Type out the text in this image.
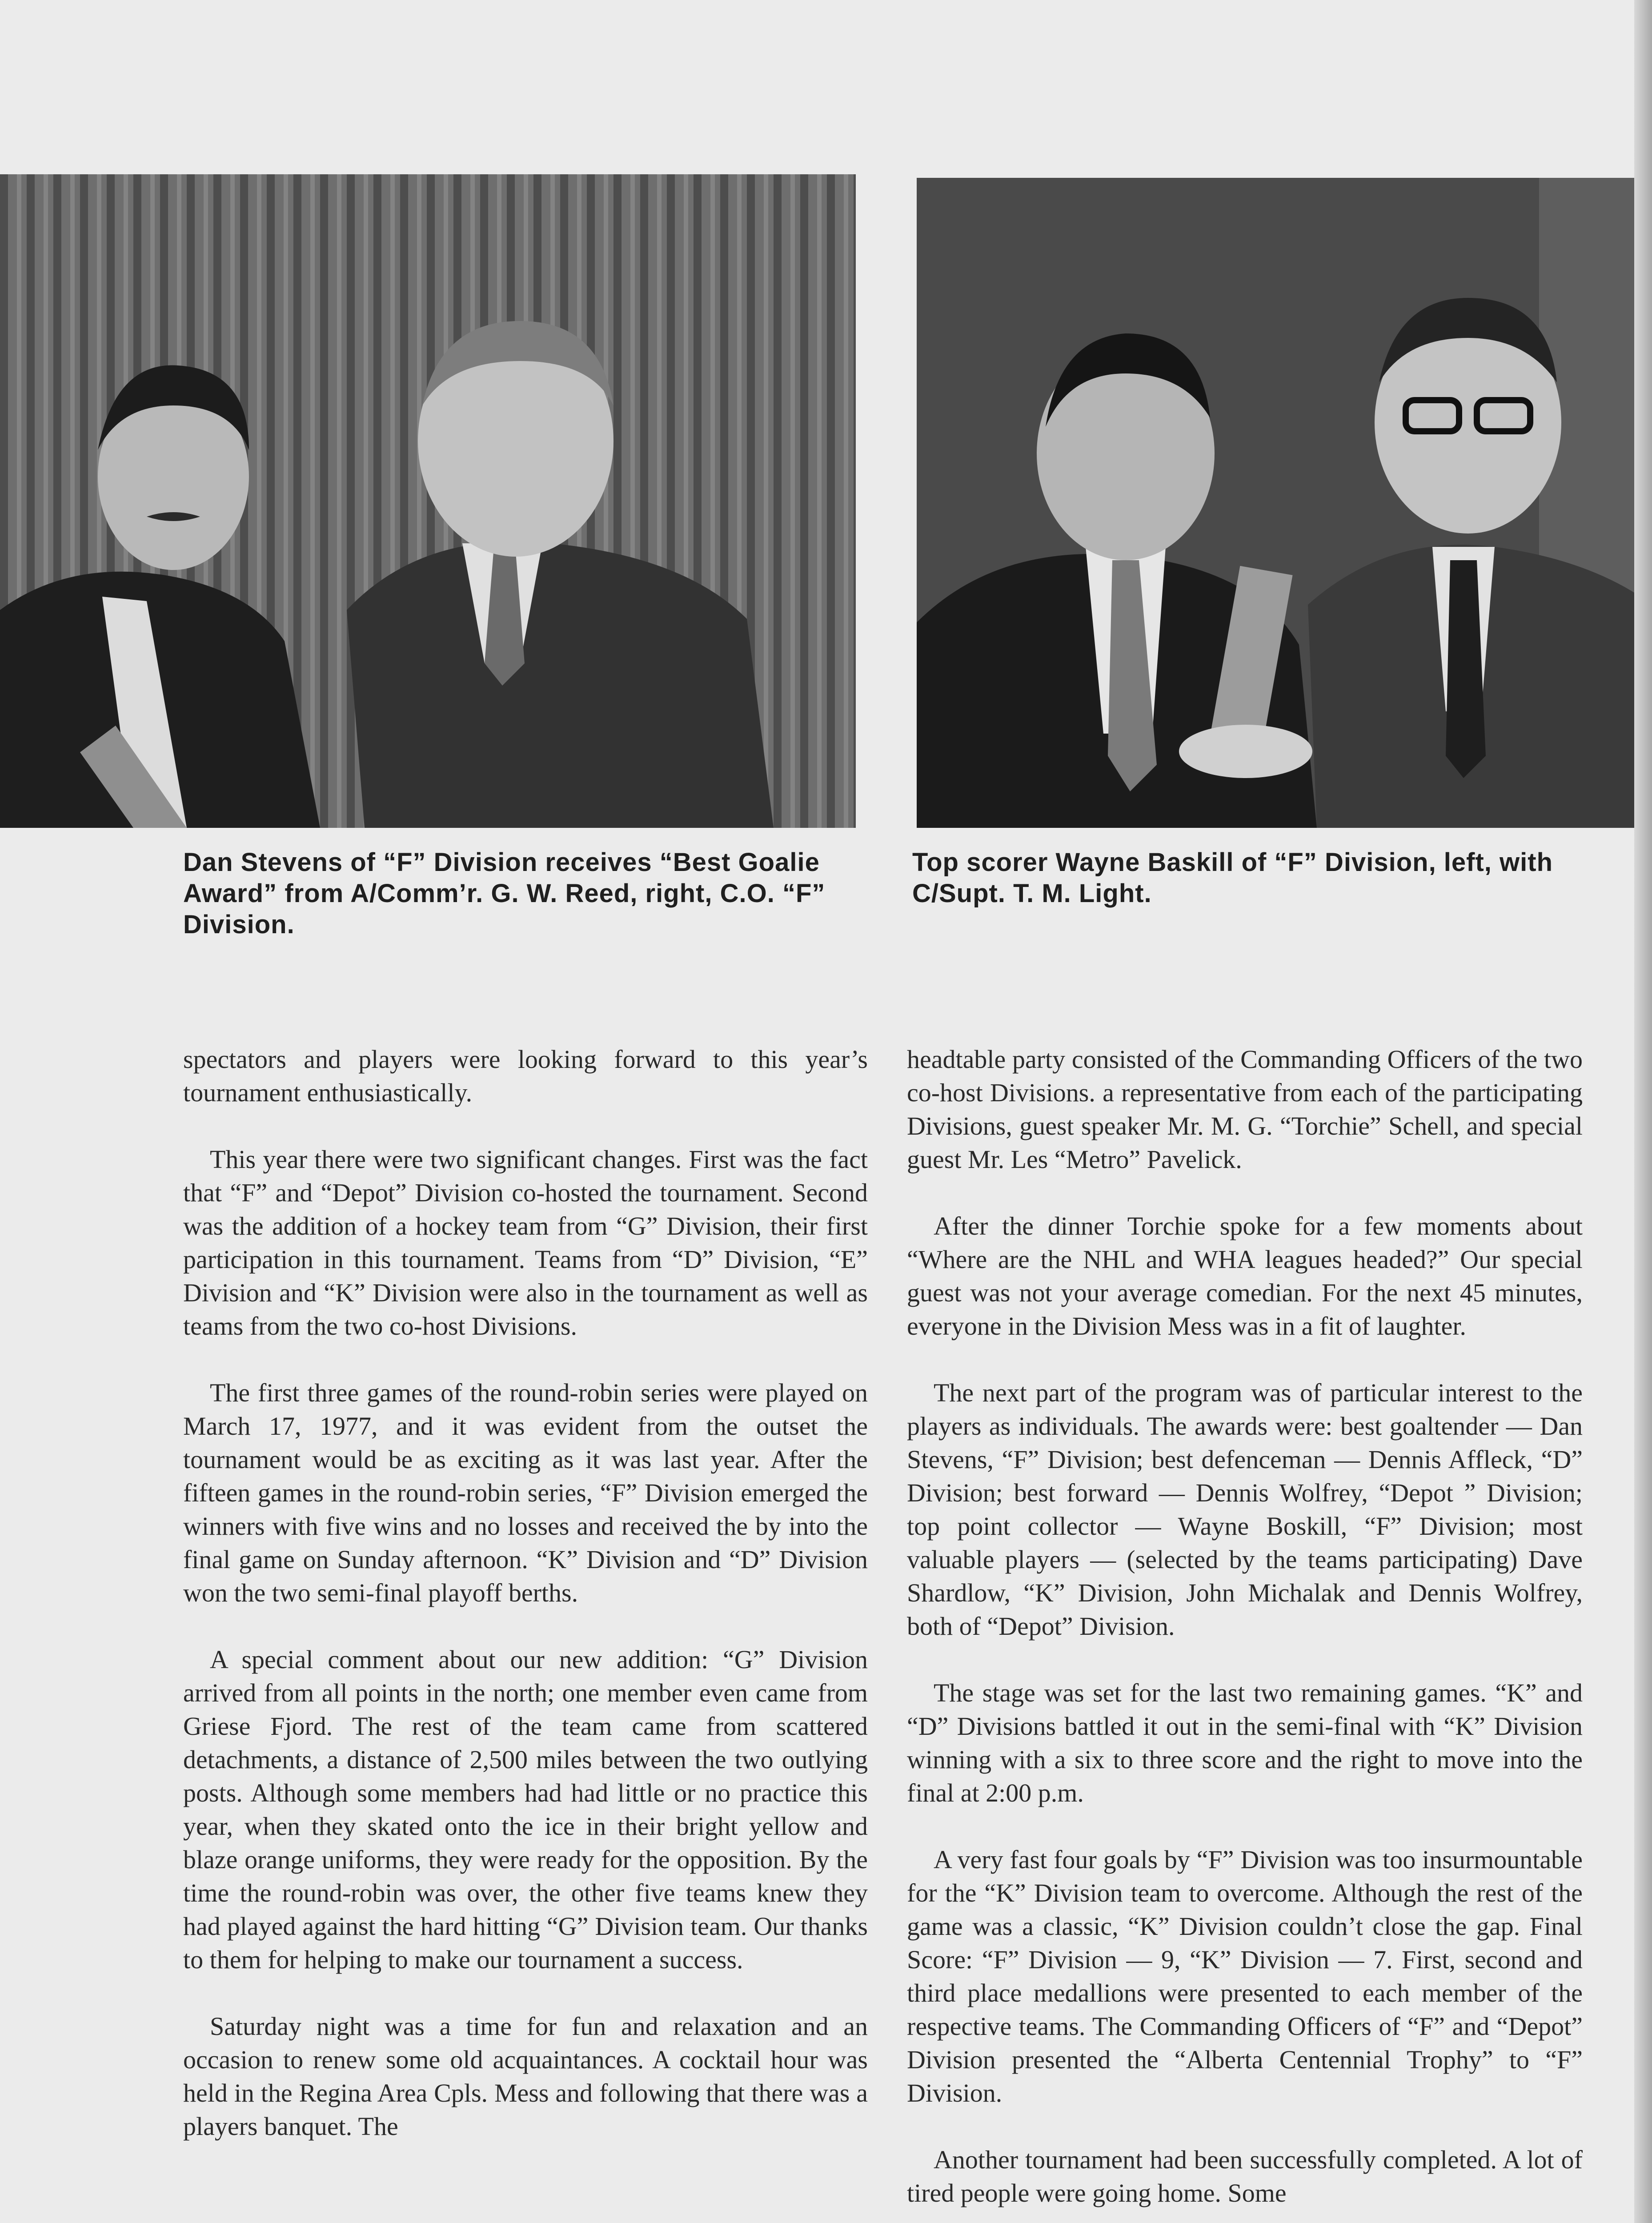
Dan Stevens of “F” Division receives “Best Goalie Award” from A/Comm’r. G. W. Reed, right, C.O. “F” Division.

Top scorer Wayne Baskill of “F” Division, left, with C/Supt. T. M. Light.

spectators and players were looking forward to this year’s tournament enthusiastically.

This year there were two significant changes. First was the fact that “F” and “Depot” Division co-hosted the tournament. Second was the addition of a hockey team from “G” Division, their first participation in this tournament. Teams from “D” Division, “E” Division and “K” Division were also in the tournament as well as teams from the two co-host Divisions.

The first three games of the round-robin series were played on March 17, 1977, and it was evident from the outset the tournament would be as exciting as it was last year. After the fifteen games in the round-robin series, “F” Division emerged the winners with five wins and no losses and received the by into the final game on Sunday afternoon. “K” Division and “D” Division won the two semi-final playoff berths.

A special comment about our new addition: “G” Division arrived from all points in the north; one member even came from Griese Fjord. The rest of the team came from scattered detachments, a distance of 2,500 miles between the two outlying posts. Although some members had had little or no practice this year, when they skated onto the ice in their bright yellow and blaze orange uniforms, they were ready for the opposition. By the time the round-robin was over, the other five teams knew they had played against the hard hitting “G” Division team. Our thanks to them for helping to make our tournament a success.

Saturday night was a time for fun and relaxation and an occasion to renew some old acquaintances. A cocktail hour was held in the Regina Area Cpls. Mess and following that there was a players banquet. The

headtable party consisted of the Commanding Officers of the two co-host Divisions. a representative from each of the participating Divisions, guest speaker Mr. M. G. “Torchie” Schell, and special guest Mr. Les “Metro” Pavelick.

After the dinner Torchie spoke for a few moments about “Where are the NHL and WHA leagues headed?” Our special guest was not your average comedian. For the next 45 minutes, everyone in the Division Mess was in a fit of laughter.

The next part of the program was of particular interest to the players as individuals. The awards were: best goaltender — Dan Stevens, “F” Division; best defenceman — Dennis Affleck, “D” Division; best forward — Dennis Wolfrey, “Depot ” Division; top point collector — Wayne Boskill, “F” Division; most valuable players — (selected by the teams participating) Dave Shardlow, “K” Division, John Michalak and Dennis Wolfrey, both of “Depot” Division.

The stage was set for the last two remaining games. “K” and “D” Divisions battled it out in the semi-final with “K” Division winning with a six to three score and the right to move into the final at 2:00 p.m.

A very fast four goals by “F” Division was too insurmountable for the “K” Division team to overcome. Although the rest of the game was a classic, “K” Division couldn’t close the gap. Final Score: “F” Division — 9, “K” Division — 7. First, second and third place medallions were presented to each member of the respective teams. The Commanding Officers of “F” and “Depot” Division presented the “Alberta Centennial Trophy” to “F” Division.

Another tournament had been successfully completed. A lot of tired people were going home. Some
